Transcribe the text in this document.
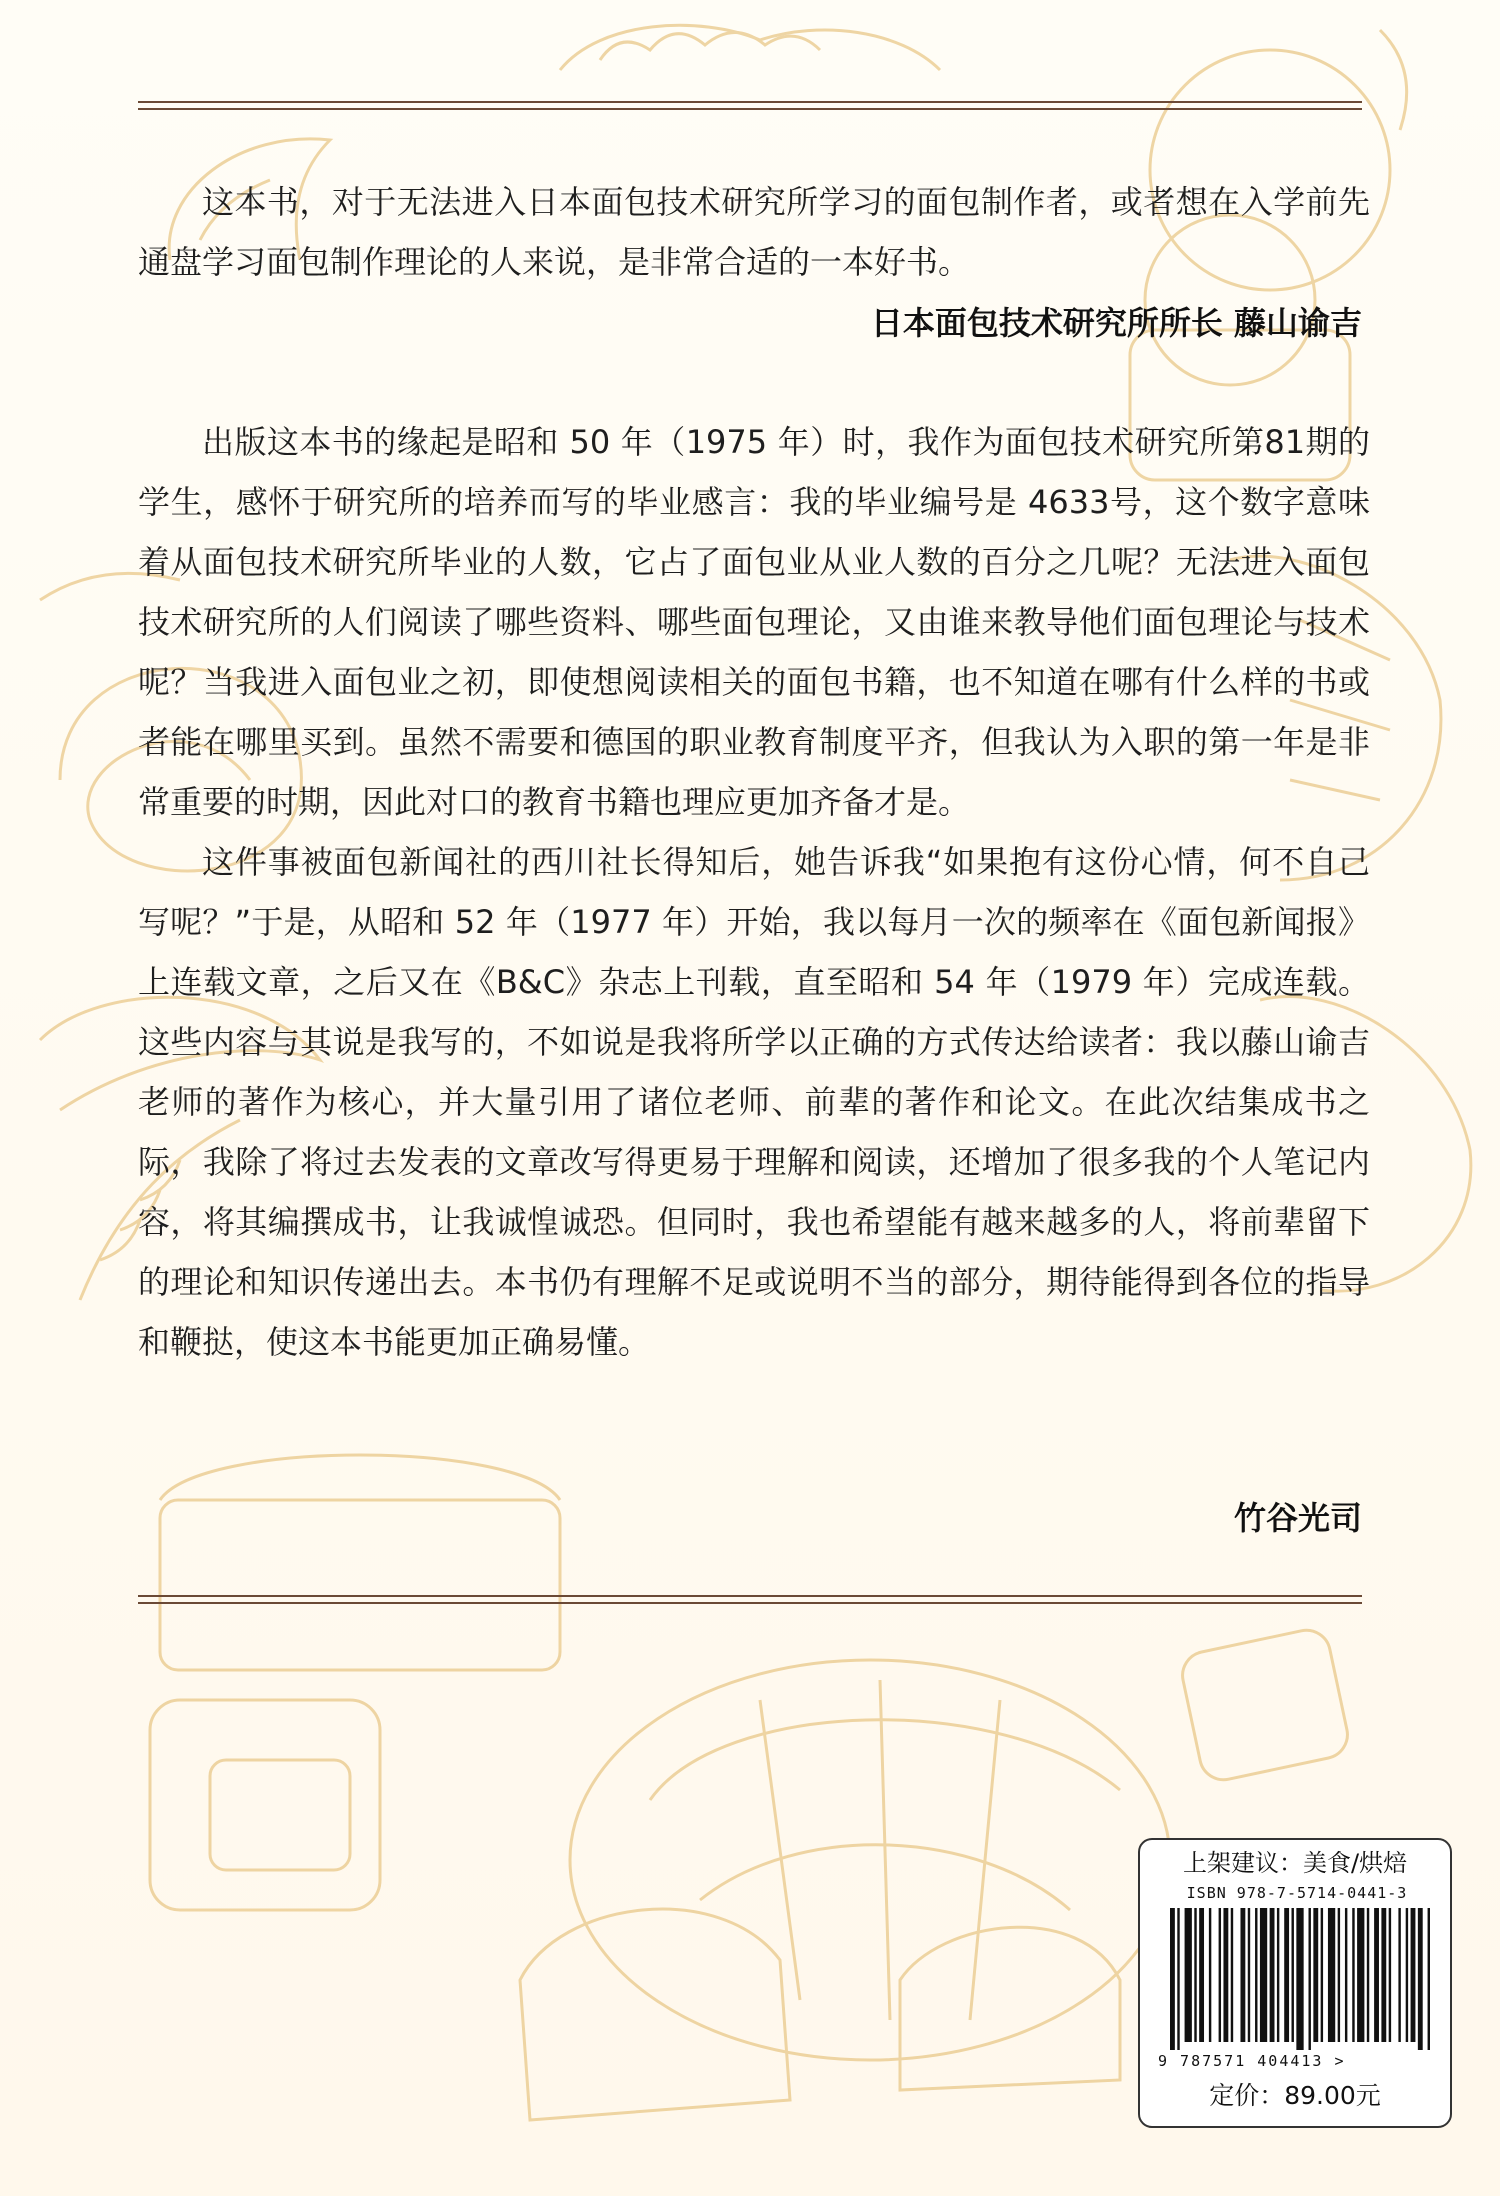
这本书，对于无法进入日本面包技术研究所学习的面包制作者，或者想在入学前先通盘学习面包制作理论的人来说，是非常合适的一本好书。

日本面包技术研究所所长 藤山谕吉

出版这本书的缘起是昭和 50 年（1975 年）时，我作为面包技术研究所第81期的学生，感怀于研究所的培养而写的毕业感言：我的毕业编号是 4633号，这个数字意味着从面包技术研究所毕业的人数，它占了面包业从业人数的百分之几呢？无法进入面包技术研究所的人们阅读了哪些资料、哪些面包理论，又由谁来教导他们面包理论与技术呢？当我进入面包业之初，即使想阅读相关的面包书籍，也不知道在哪有什么样的书或者能在哪里买到。虽然不需要和德国的职业教育制度平齐，但我认为入职的第一年是非常重要的时期，因此对口的教育书籍也理应更加齐备才是。

这件事被面包新闻社的西川社长得知后，她告诉我“如果抱有这份心情，何不自己写呢？”于是，从昭和 52 年（1977 年）开始，我以每月一次的频率在《面包新闻报》上连载文章，之后又在《B&C》杂志上刊载，直至昭和 54 年（1979 年）完成连载。这些内容与其说是我写的，不如说是我将所学以正确的方式传达给读者：我以藤山谕吉老师的著作为核心，并大量引用了诸位老师、前辈的著作和论文。在此次结集成书之际，我除了将过去发表的文章改写得更易于理解和阅读，还增加了很多我的个人笔记内容，将其编撰成书，让我诚惶诚恐。但同时，我也希望能有越来越多的人，将前辈留下的理论和知识传递出去。本书仍有理解不足或说明不当的部分，期待能得到各位的指导和鞭挞，使这本书能更加正确易懂。

竹谷光司
上架建议：美食/烘焙
ISBN 978-7-5714-0441-3
9 787571 404413 >
定价：89.00元
